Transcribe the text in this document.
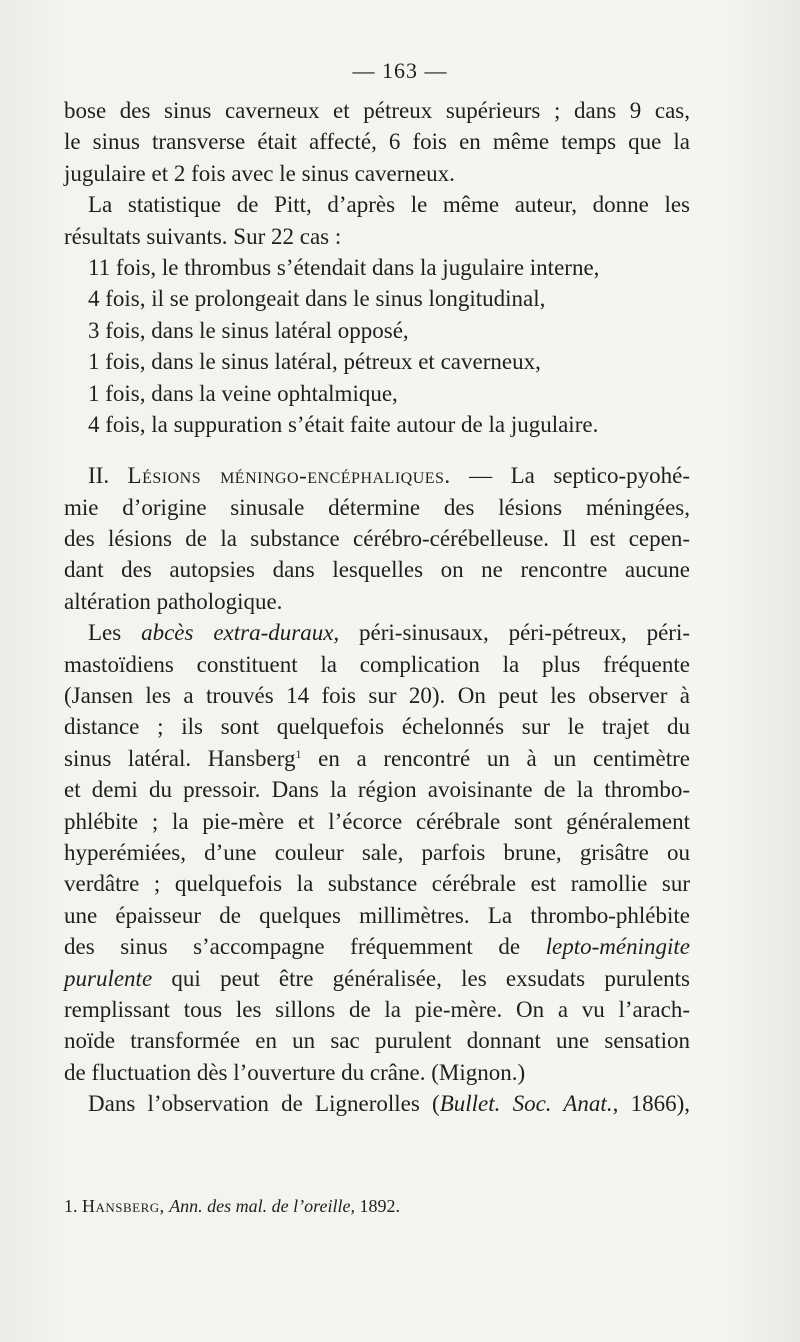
— 163 —
bose des sinus caverneux et pétreux supérieurs ; dans 9 cas,
le sinus transverse était affecté, 6 fois en même temps que la
jugulaire et 2 fois avec le sinus caverneux.
La statistique de Pitt, d’après le même auteur, donne les
résultats suivants. Sur 22 cas :
11 fois, le thrombus s’étendait dans la jugulaire interne,
4 fois, il se prolongeait dans le sinus longitudinal,
3 fois, dans le sinus latéral opposé,
1 fois, dans le sinus latéral, pétreux et caverneux,
1 fois, dans la veine ophtalmique,
4 fois, la suppuration s’était faite autour de la jugulaire.
II. Lésions méningo-encéphaliques. — La septico-pyohé-
mie d’origine sinusale détermine des lésions méningées,
des lésions de la substance cérébro-cérébelleuse. Il est cepen-
dant des autopsies dans lesquelles on ne rencontre aucune
altération pathologique.
Les abcès extra-duraux, péri-sinusaux, péri-pétreux, péri-
mastoïdiens constituent la complication la plus fréquente
(Jansen les a trouvés 14 fois sur 20). On peut les observer à
distance ; ils sont quelquefois échelonnés sur le trajet du
sinus latéral. Hansberg$^1$ en a rencontré un à un centimètre
et demi du pressoir. Dans la région avoisinante de la thrombo-
phlébite ; la pie-mère et l’écorce cérébrale sont généralement
hyperémiées, d’une couleur sale, parfois brune, grisâtre ou
verdâtre ; quelquefois la substance cérébrale est ramollie sur
une épaisseur de quelques millimètres. La thrombo-phlébite
des sinus s’accompagne fréquemment de lepto-méningite
purulente qui peut être généralisée, les exsudats purulents
remplissant tous les sillons de la pie-mère. On a vu l’arach-
noïde transformée en un sac purulent donnant une sensation
de fluctuation dès l’ouverture du crâne. (Mignon.)
Dans l’observation de Lignerolles (Bullet. Soc. Anat., 1866),
1. Hansberg, Ann. des mal. de l’oreille, 1892.
